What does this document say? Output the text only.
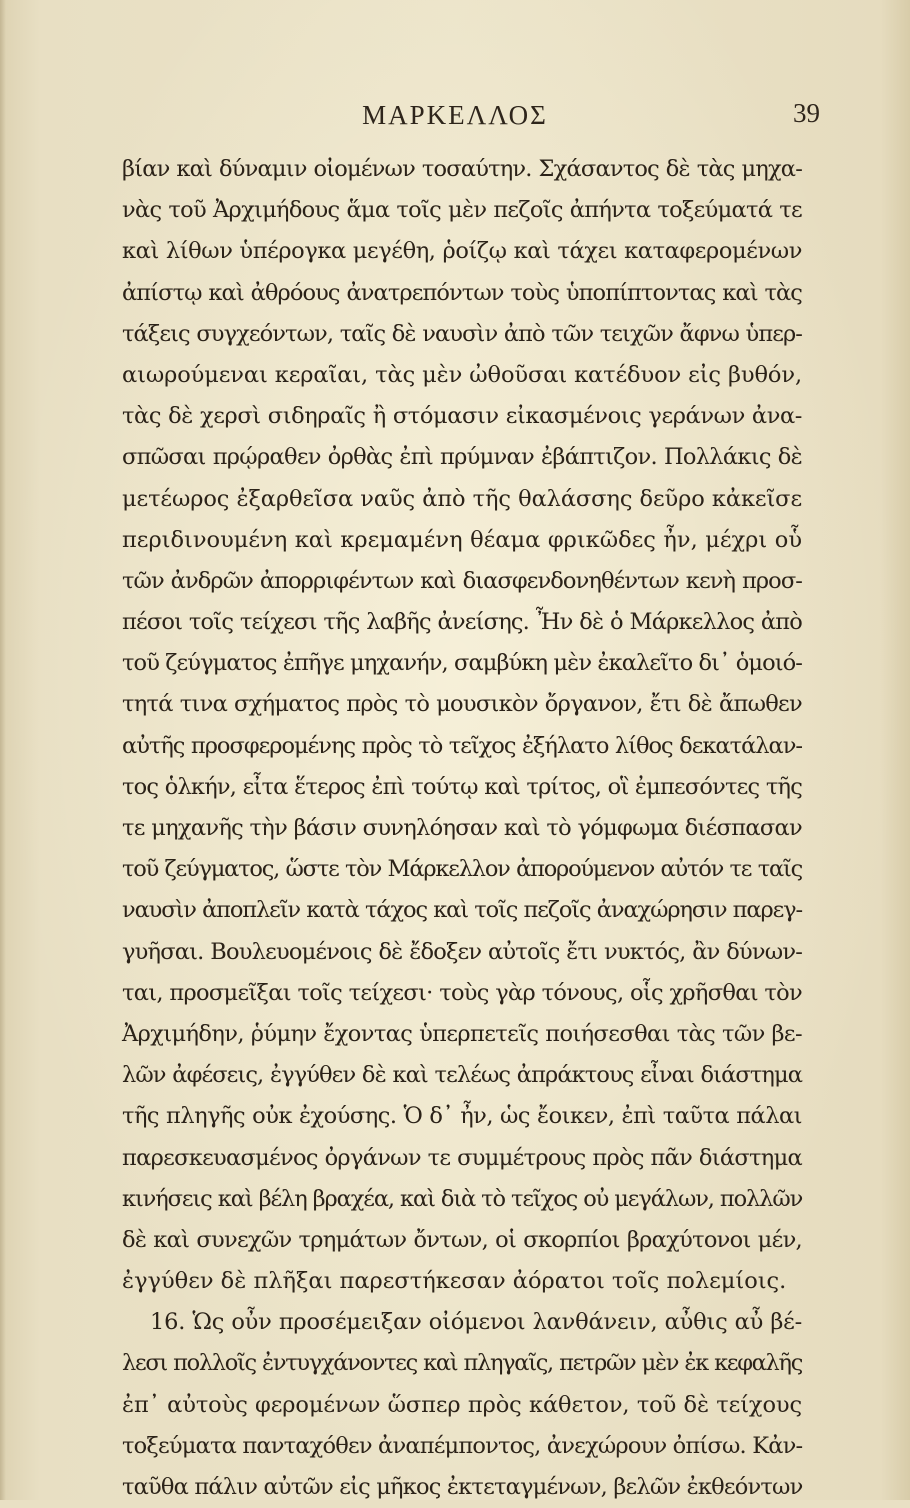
ΜΑΡΚΕΛΛΟΣ	39
βίαν καὶ δύναμιν οἰομένων τοσαύτην. Σχάσαντος δὲ τὰς μηχα-
νὰς τοῦ Ἀρχιμήδους ἅμα τοῖς μὲν πεζοῖς ἀπήντα τοξεύματά τε
καὶ λίθων ὑπέρογκα μεγέθη, ῥοίζῳ καὶ τάχει καταφερομένων
ἀπίστῳ καὶ ἀθρόους ἀνατρεπόντων τοὺς ὑποπίπτοντας καὶ τὰς
τάξεις συγχεόντων, ταῖς δὲ ναυσὶν ἀπὸ τῶν τειχῶν ἄφνω ὑπερ-
αιωρούμεναι κεραῖαι, τὰς μὲν ὠθοῦσαι κατέδυον εἰς βυθόν,
τὰς δὲ χερσὶ σιδηραῖς ἢ στόμασιν εἰκασμένοις γεράνων ἀνα-
σπῶσαι πρῴραθεν ὀρθὰς ἐπὶ πρύμναν ἐβάπτιζον. Πολλάκις δὲ
μετέωρος ἐξαρθεῖσα ναῦς ἀπὸ τῆς θαλάσσης δεῦρο κἀκεῖσε
περιδινουμένη καὶ κρεμαμένη θέαμα φρικῶδες ἦν, μέχρι οὗ
τῶν ἀνδρῶν ἀπορριφέντων καὶ διασφενδονηθέντων κενὴ προσ-
πέσοι τοῖς τείχεσι τῆς λαβῆς ἀνείσης. Ἦν δὲ ὁ Μάρκελλος ἀπὸ
τοῦ ζεύγματος ἐπῆγε μηχανήν, σαμβύκη μὲν ἐκαλεῖτο δι᾿ ὁμοιό-
τητά τινα σχήματος πρὸς τὸ μουσικὸν ὄργανον, ἔτι δὲ ἄπωθεν
αὐτῆς προσφερομένης πρὸς τὸ τεῖχος ἐξήλατο λίθος δεκατάλαν-
τος ὁλκήν, εἶτα ἕτερος ἐπὶ τούτῳ καὶ τρίτος, οἳ ἐμπεσόντες τῆς
τε μηχανῆς τὴν βάσιν συνηλόησαν καὶ τὸ γόμφωμα διέσπασαν
τοῦ ζεύγματος, ὥστε τὸν Μάρκελλον ἀπορούμενον αὐτόν τε ταῖς
ναυσὶν ἀποπλεῖν κατὰ τάχος καὶ τοῖς πεζοῖς ἀναχώρησιν παρεγ-
γυῆσαι. Βουλευομένοις δὲ ἔδοξεν αὐτοῖς ἔτι νυκτός, ἂν δύνων-
ται, προσμεῖξαι τοῖς τείχεσι· τοὺς γὰρ τόνους, οἷς χρῆσθαι τὸν
Ἀρχιμήδην, ῥύμην ἔχοντας ὑπερπετεῖς ποιήσεσθαι τὰς τῶν βε-
λῶν ἀφέσεις, ἐγγύθεν δὲ καὶ τελέως ἀπράκτους εἶναι διάστημα
τῆς πληγῆς οὐκ ἐχούσης. Ὁ δ᾿ ἦν, ὡς ἔοικεν, ἐπὶ ταῦτα πάλαι
παρεσκευασμένος ὀργάνων τε συμμέτρους πρὸς πᾶν διάστημα
κινήσεις καὶ βέλη βραχέα, καὶ διὰ τὸ τεῖχος οὐ μεγάλων, πολλῶν
δὲ καὶ συνεχῶν τρημάτων ὄντων, οἱ σκορπίοι βραχύτονοι μέν,
ἐγγύθεν δὲ πλῆξαι παρεστήκεσαν ἀόρατοι τοῖς πολεμίοις.
16. Ὡς οὖν προσέμειξαν οἰόμενοι λανθάνειν, αὖθις αὖ βέ-
λεσι πολλοῖς ἐντυγχάνοντες καὶ πληγαῖς, πετρῶν μὲν ἐκ κεφαλῆς
ἐπ᾿ αὐτοὺς φερομένων ὥσπερ πρὸς κάθετον, τοῦ δὲ τείχους
τοξεύματα πανταχόθεν ἀναπέμποντος, ἀνεχώρουν ὀπίσω. Κἀν-
ταῦθα πάλιν αὐτῶν εἰς μῆκος ἐκτεταγμένων, βελῶν ἐκθεόντων
